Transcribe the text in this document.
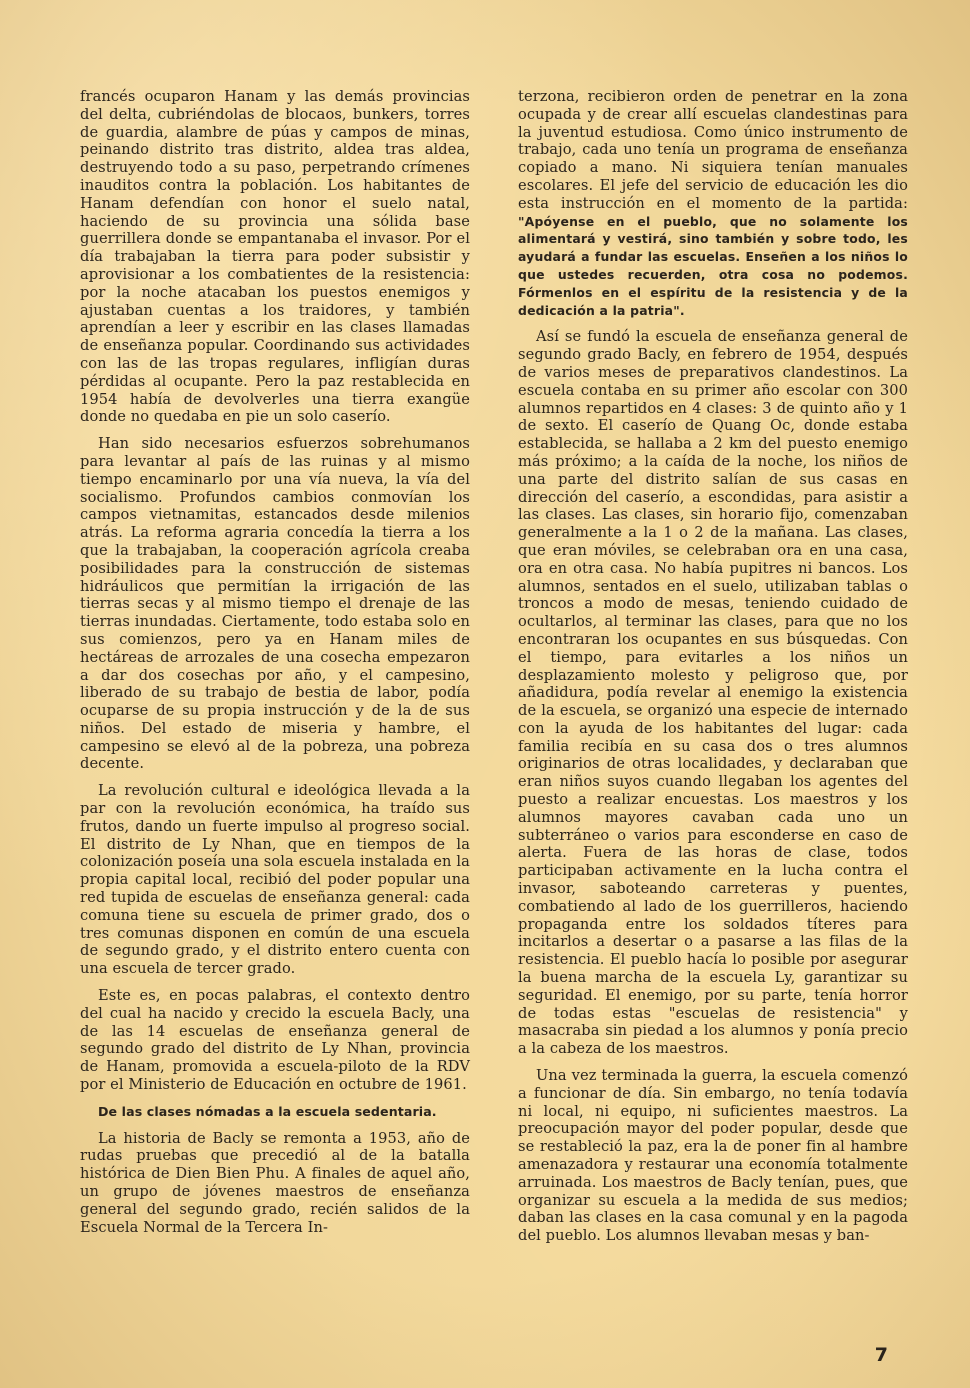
francés ocuparon Hanam y las demás provincias del delta, cubriéndolas de blocaos, bunkers, torres de guardia, alambre de púas y campos de minas, peinando distrito tras distrito, aldea tras aldea, destruyendo todo a su paso, perpetrando crímenes inauditos contra la población. Los habitantes de Hanam defendían con honor el suelo natal, haciendo de su provincia una sólida base guerrillera donde se empantanaba el invasor. Por el día trabajaban la tierra para poder subsistir y aprovisionar a los combatientes de la resistencia: por la noche atacaban los puestos enemigos y ajustaban cuentas a los traidores, y también aprendían a leer y escribir en las clases llamadas de enseñanza popular. Coordinando sus actividades con las de las tropas regulares, infligían duras pérdidas al ocupante. Pero la paz restablecida en 1954 había de devolverles una tierra exangüe donde no quedaba en pie un solo caserío.

Han sido necesarios esfuerzos sobrehumanos para levantar al país de las ruinas y al mismo tiempo encaminarlo por una vía nueva, la vía del socialismo. Profundos cambios conmovían los campos vietnamitas, estancados desde milenios atrás. La reforma agraria concedía la tierra a los que la trabajaban, la cooperación agrícola creaba posibilidades para la construcción de sistemas hidráulicos que permitían la irrigación de las tierras secas y al mismo tiempo el drenaje de las tierras inundadas. Ciertamente, todo estaba solo en sus comienzos, pero ya en Hanam miles de hectáreas de arrozales de una cosecha empezaron a dar dos cosechas por año, y el campesino, liberado de su trabajo de bestia de labor, podía ocuparse de su propia instrucción y de la de sus niños. Del estado de miseria y hambre, el campesino se elevó al de la pobreza, una pobreza decente.

La revolución cultural e ideológica llevada a la par con la revolución económica, ha traído sus frutos, dando un fuerte impulso al progreso social. El distrito de Ly Nhan, que en tiempos de la colonización poseía una sola escuela instalada en la propia capital local, recibió del poder popular una red tupida de escuelas de enseñanza general: cada comuna tiene su escuela de primer grado, dos o tres comunas disponen en común de una escuela de segundo grado, y el distrito entero cuenta con una escuela de tercer grado.

Este es, en pocas palabras, el contexto dentro del cual ha nacido y crecido la escuela Bacly, una de las 14 escuelas de enseñanza general de segundo grado del distrito de Ly Nhan, provincia de Hanam, promovida a escuela-piloto de la RDV por el Ministerio de Educación en octubre de 1961.

De las clases nómadas a la escuela sedentaria.

La historia de Bacly se remonta a 1953, año de rudas pruebas que precedió al de la batalla histórica de Dien Bien Phu. A finales de aquel año, un grupo de jóvenes maestros de enseñanza general del segundo grado, recién salidos de la Escuela Normal de la Tercera In-

terzona, recibieron orden de penetrar en la zona ocupada y de crear allí escuelas clandestinas para la juventud estudiosa. Como único instrumento de trabajo, cada uno tenía un programa de enseñanza copiado a mano. Ni siquiera tenían manuales escolares. El jefe del servicio de educación les dio esta instrucción en el momento de la partida: "Apóyense en el pueblo, que no solamente los alimentará y vestirá, sino también y sobre todo, les ayudará a fundar las escuelas. Enseñen a los niños lo que ustedes recuerden, otra cosa no podemos. Fórmenlos en el espíritu de la resistencia y de la dedicación a la patria".

Así se fundó la escuela de enseñanza general de segundo grado Bacly, en febrero de 1954, después de varios meses de preparativos clandestinos. La escuela contaba en su primer año escolar con 300 alumnos repartidos en 4 clases: 3 de quinto año y 1 de sexto. El caserío de Quang Oc, donde estaba establecida, se hallaba a 2 km del puesto enemigo más próximo; a la caída de la noche, los niños de una parte del distrito salían de sus casas en dirección del caserío, a escondidas, para asistir a las clases. Las clases, sin horario fijo, comenzaban generalmente a la 1 o 2 de la mañana. Las clases, que eran móviles, se celebraban ora en una casa, ora en otra casa. No había pupitres ni bancos. Los alumnos, sentados en el suelo, utilizaban tablas o troncos a modo de mesas, teniendo cuidado de ocultarlos, al terminar las clases, para que no los encontraran los ocupantes en sus búsquedas. Con el tiempo, para evitarles a los niños un desplazamiento molesto y peligroso que, por añadidura, podía revelar al enemigo la existencia de la escuela, se organizó una especie de internado con la ayuda de los habitantes del lugar: cada familia recibía en su casa dos o tres alumnos originarios de otras localidades, y declaraban que eran niños suyos cuando llegaban los agentes del puesto a realizar encuestas. Los maestros y los alumnos mayores cavaban cada uno un subterráneo o varios para esconderse en caso de alerta. Fuera de las horas de clase, todos participaban activamente en la lucha contra el invasor, saboteando carreteras y puentes, combatiendo al lado de los guerrilleros, haciendo propaganda entre los soldados títeres para incitarlos a desertar o a pasarse a las filas de la resistencia. El pueblo hacía lo posible por asegurar la buena marcha de la escuela Ly, garantizar su seguridad. El enemigo, por su parte, tenía horror de todas estas "escuelas de resistencia" y masacraba sin piedad a los alumnos y ponía precio a la cabeza de los maestros.

Una vez terminada la guerra, la escuela comenzó a funcionar de día. Sin embargo, no tenía todavía ni local, ni equipo, ni suficientes maestros. La preocupación mayor del poder popular, desde que se restableció la paz, era la de poner fin al hambre amenazadora y restaurar una economía totalmente arruinada. Los maestros de Bacly tenían, pues, que organizar su escuela a la medida de sus medios; daban las clases en la casa comunal y en la pagoda del pueblo. Los alumnos llevaban mesas y ban-

7
